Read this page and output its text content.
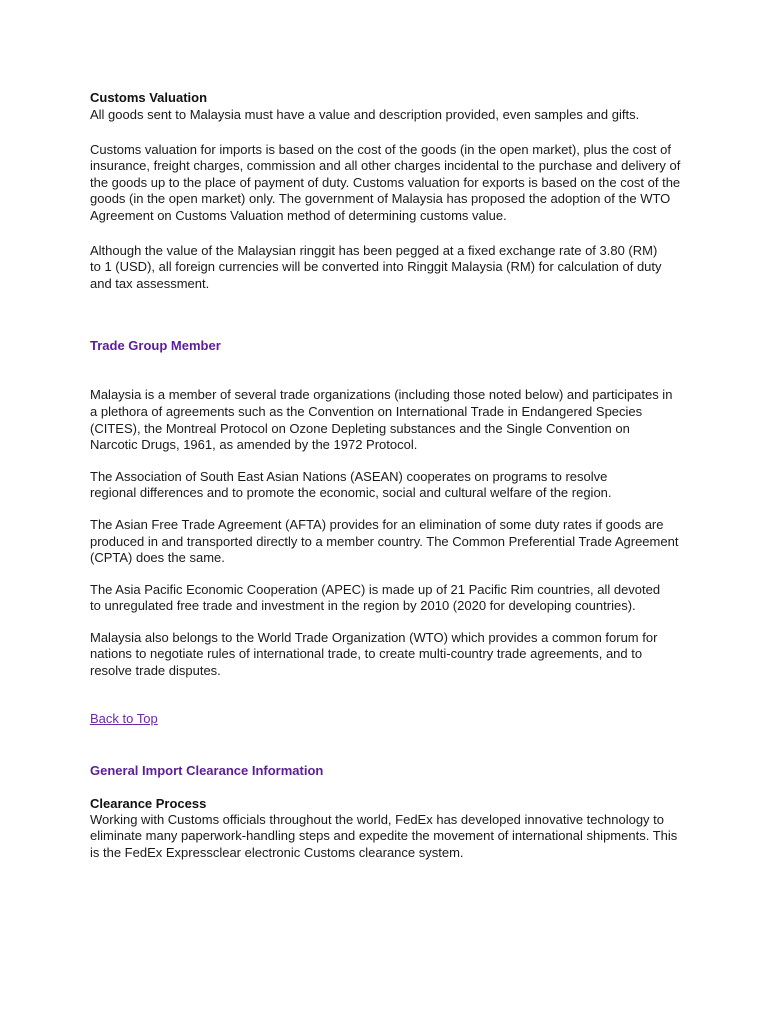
Customs Valuation

All goods sent to Malaysia must have a value and description provided, even samples and gifts.

Customs valuation for imports is based on the cost of the goods (in the open market), plus the cost of insurance, freight charges, commission and all other charges incidental to the purchase and delivery of the goods up to the place of payment of duty. Customs valuation for exports is based on the cost of the goods (in the open market) only. The government of Malaysia has proposed the adoption of the WTO Agreement on Customs Valuation method of determining customs value.

Although the value of the Malaysian ringgit has been pegged at a fixed exchange rate of 3.80 (RM) to 1 (USD), all foreign currencies will be converted into Ringgit Malaysia (RM) for calculation of duty and tax assessment.

Trade Group Member

Malaysia is a member of several trade organizations (including those noted below) and participates in a plethora of agreements such as the Convention on International Trade in Endangered Species (CITES), the Montreal Protocol on Ozone Depleting substances and the Single Convention on Narcotic Drugs, 1961, as amended by the 1972 Protocol.

The Association of South East Asian Nations (ASEAN) cooperates on programs to resolve regional differences and to promote the economic, social and cultural welfare of the region.

The Asian Free Trade Agreement (AFTA) provides for an elimination of some duty rates if goods are produced in and transported directly to a member country. The Common Preferential Trade Agreement (CPTA) does the same.

The Asia Pacific Economic Cooperation (APEC) is made up of 21 Pacific Rim countries, all devoted to unregulated free trade and investment in the region by 2010 (2020 for developing countries).

Malaysia also belongs to the World Trade Organization (WTO) which provides a common forum for nations to negotiate rules of international trade, to create multi-country trade agreements, and to resolve trade disputes.

Back to Top
General Import Clearance Information
Clearance Process

Working with Customs officials throughout the world, FedEx has developed innovative technology to eliminate many paperwork-handling steps and expedite the movement of international shipments. This is the FedEx Expressclear electronic Customs clearance system.
